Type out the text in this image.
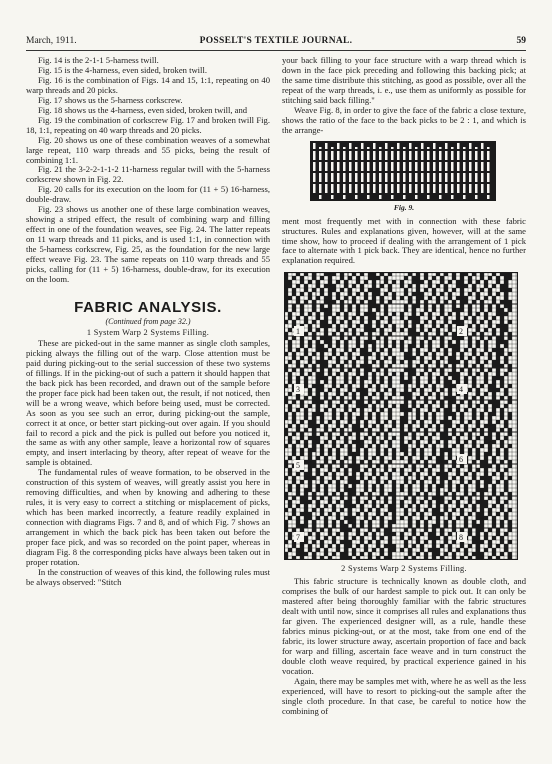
March, 1911.	POSSELT'S TEXTILE JOURNAL.	59

Fig. 14 is the 2-1-1 5-harness twill.

Fig. 15 is the 4-harness, even sided, broken twill.

Fig. 16 is the combination of Figs. 14 and 15, 1:1, repeating on 40 warp threads and 20 picks.

Fig. 17 shows us the 5-harness corkscrew.

Fig. 18 shows us the 4-harness, even sided, broken twill, and

Fig. 19 the combination of corkscrew Fig. 17 and broken twill Fig. 18, 1:1, repeating on 40 warp threads and 20 picks.

Fig. 20 shows us one of these combination weaves of a somewhat large repeat, 110 warp threads and 55 picks, being the result of combining 1:1.

Fig. 21 the 3-2-2-1-1-2 11-harness regular twill with the 5-harness corkscrew shown in Fig. 22.

Fig. 20 calls for its execution on the loom for (11 + 5) 16-harness, double-draw.

Fig. 23 shows us another one of these large combination weaves, showing a striped effect, the result of combining warp and filling effect in one of the foundation weaves, see Fig. 24. The latter repeats on 11 warp threads and 11 picks, and is used 1:1, in connection with the 5-harness corkscrew, Fig. 25, as the foundation for the new large effect weave Fig. 23. The same repeats on 110 warp threads and 55 picks, calling for (11 + 5) 16-harness, double-draw, for its execution on the loom.

FABRIC ANALYSIS.
(Continued from page 32.)
1 System Warp 2 Systems Filling.

These are picked-out in the same manner as single cloth samples, picking always the filling out of the warp. Close attention must be paid during picking-out to the serial succession of these two systems of fillings. If in the picking-out of such a pattern it should happen that the back pick has been recorded, and drawn out of the sample before the proper face pick had been taken out, the result, if not noticed, then will be a wrong weave, which before being used, must be corrected. As soon as you see such an error, during picking-out the sample, correct it at once, or better start picking-out over again. If you should fail to record a pick and the pick is pulled out before you noticed it, the same as with any other sample, leave a horizontal row of squares empty, and insert interlacing by theory, after repeat of weave for the sample is obtained.

The fundamental rules of weave formation, to be observed in the construction of this system of weaves, will greatly assist you here in removing difficulties, and when by knowing and adhering to these rules, it is very easy to correct a stitching or misplacement of picks, which has been marked incorrectly, a feature readily explained in connection with diagrams Figs. 7 and 8, and of which Fig. 7 shows an arrangement in which the back pick has been taken out before the proper face pick, and was so recorded on the point paper, whereas in diagram Fig. 8 the corresponding picks have always been taken out in proper rotation.

In the construction of weaves of this kind, the following rules must be always observed: "Stitch

your back filling to your face structure with a warp thread which is down in the face pick preceding and following this backing pick; at the same time distribute this stitching, as good as possible, over all the repeat of the warp threads, i. e., use them as uniformly as possible for stitching said back filling."

Weave Fig. 8, in order to give the face of the fabric a close texture, shows the ratio of the face to the back picks to be 2 : 1, and which is the arrange-

Fig. 9.

ment most frequently met with in connection with these fabric structures. Rules and explanations given, however, will at the same time show, how to proceed if dealing with the arrangement of 1 pick face to alternate with 1 pick back. They are identical, hence no further explanation required.

1	2
3	4
5
6
7	8
2 Systems Warp 2 Systems Filling.

This fabric structure is technically known as double cloth, and comprises the bulk of our hardest sample to pick out. It can only be mastered after being thoroughly familiar with the fabric structures dealt with until now, since it comprises all rules and explanations thus far given. The experienced designer will, as a rule, handle these fabrics minus picking-out, or at the most, take from one end of the fabric, its lower structure away, ascertain proportion of face and back for warp and filling, ascertain face weave and in turn construct the double cloth weave required, by practical experience gained in his vocation.

Again, there may be samples met with, where he as well as the less experienced, will have to resort to picking-out the sample after the single cloth procedure. In that case, be careful to notice how the combining of
